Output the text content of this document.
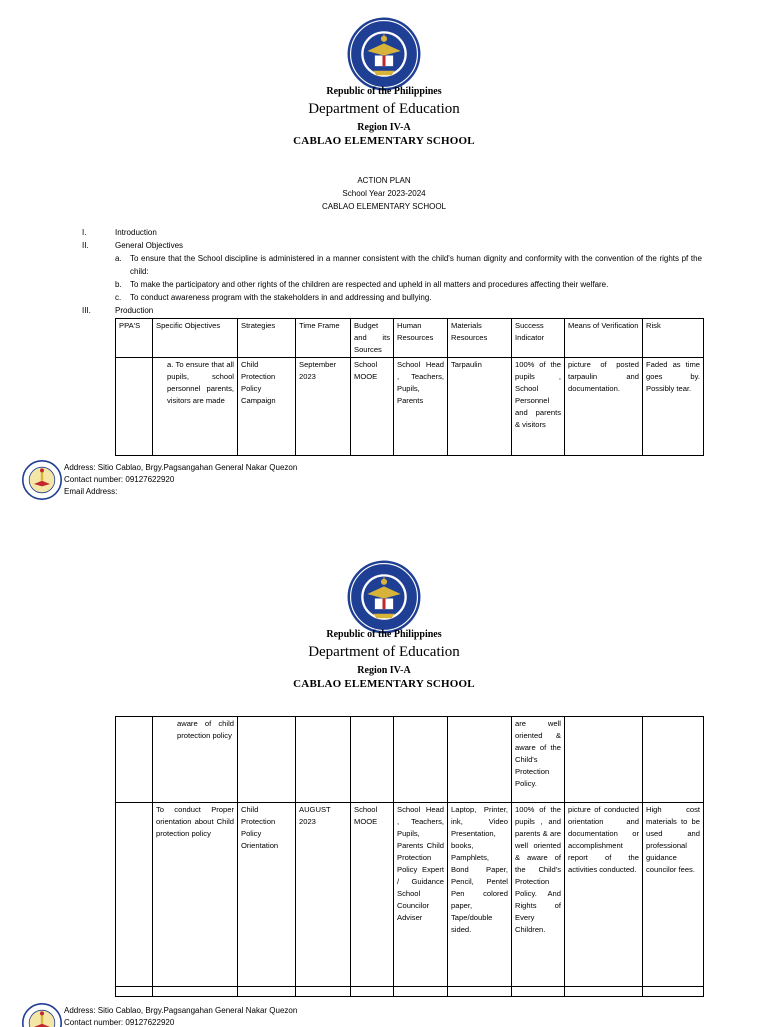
Republic of the Philippines
Department of Education
Region IV-A
CABLAO ELEMENTARY SCHOOL
ACTION PLAN
School Year 2023-2024
CABLAO ELEMENTARY SCHOOL
I.	Introduction
II.	General Objectives
a. To ensure that the School discipline is administered in a manner consistent with the child's human dignity and conformity with the convention of the rights pf the child:
b. To make the participatory and other rights of the children are respected and upheld in all matters and procedures affecting their welfare.
c. To conduct awareness program with the stakeholders in and addressing and bullying.
III.	Production
PPA'S	Specific Objectives	Strategies	Time Frame	Budget and its Sources	Human Resources	Materials Resources	Success Indicator	Means of Verification	Risk
	a. To ensure that all pupils, school personnel parents, visitors are made	Child Protection Policy Campaign	September 2023	School MOOE	School Head , Teachers, Pupils, Parents	Tarpaulin	100% of the pupils , School Personnel and parents & visitors	picture of posted tarpaulin and documentation.	Faded as time goes by. Possibly tear.
Address: Sitio Cablao, Brgy.Pagsangahan General Nakar Quezon
Contact number: 09127622920
Email Address:
Republic of the Philippines
Department of Education
Region IV-A
CABLAO ELEMENTARY SCHOOL
	aware of child protection policy						are well oriented & aware of the Child's Protection Policy.		
	To conduct Proper orientation about Child protection policy	Child Protection Policy Orientation	AUGUST 2023	School MOOE	School Head , Teachers, Pupils, Parents Child Protection Policy Expert / Guidance School Councilor Adviser	Laptop, Printer, ink, Video Presentation, books, Pamphlets, Bond Paper, Pencil, Pentel Pen colored paper, Tape/double sided.	100% of the pupils , and parents & are well oriented & aware of the Child's Protection Policy. And Rights of Every Children.	picture of conducted orientation and documentation or accomplishment report of the activities conducted.	High cost materials to be used and professional guidance councilor fees.

Address: Sitio Cablao, Brgy.Pagsangahan General Nakar Quezon
Contact number: 09127622920
